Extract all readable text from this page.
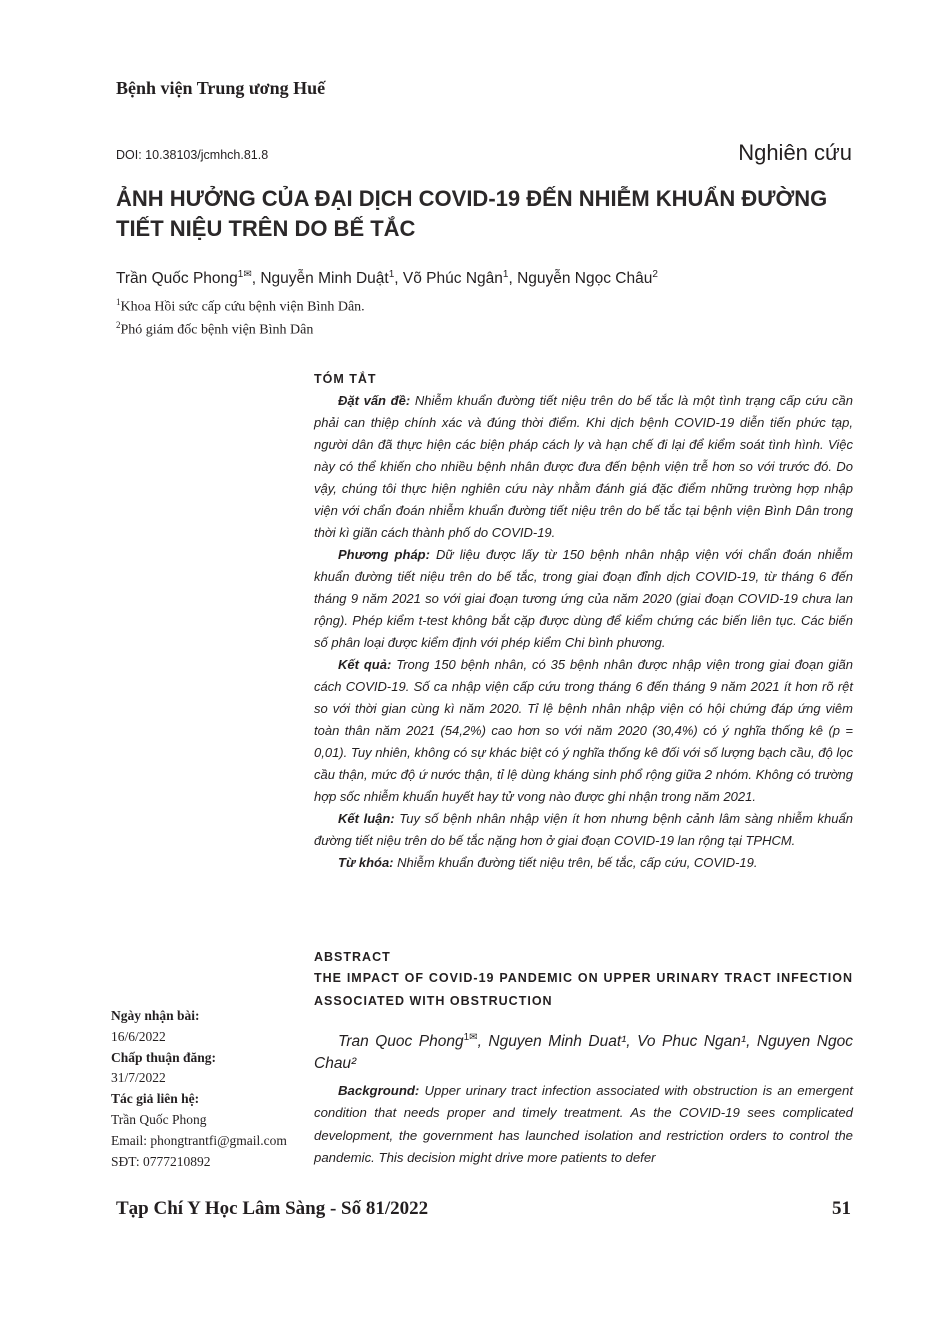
Bệnh viện Trung ương Huế
DOI: 10.38103/jcmhch.81.8	Nghiên cứu
ẢNH HƯỞNG CỦA ĐẠI DỊCH COVID-19 ĐẾN NHIỄM KHUẨN ĐƯỜNG TIẾT NIỆU TRÊN DO BẾ TẮC
Trần Quốc Phong$^{1✉}$, Nguyễn Minh Duật$^1$, Võ Phúc Ngân$^1$, Nguyễn Ngọc Châu$^2$
$^1$Khoa Hồi sức cấp cứu bệnh viện Bình Dân.
$^2$Phó giám đốc bệnh viện Bình Dân
TÓM TẮT

Đặt vấn đề: Nhiễm khuẩn đường tiết niệu trên do bế tắc là một tình trạng cấp cứu cần phải can thiệp chính xác và đúng thời điểm. Khi dịch bệnh COVID-19 diễn tiến phức tạp, người dân đã thực hiện các biện pháp cách ly và hạn chế đi lại để kiểm soát tình hình. Việc này có thể khiến cho nhiều bệnh nhân được đưa đến bệnh viện trễ hơn so với trước đó. Do vậy, chúng tôi thực hiện nghiên cứu này nhằm đánh giá đặc điểm những trường hợp nhập viện với chẩn đoán nhiễm khuẩn đường tiết niệu trên do bế tắc tại bệnh viện Bình Dân trong thời kì giãn cách thành phố do COVID-19.

Phương pháp: Dữ liệu được lấy từ 150 bệnh nhân nhập viện với chẩn đoán nhiễm khuẩn đường tiết niệu trên do bế tắc, trong giai đoạn đỉnh dịch COVID-19, từ tháng 6 đến tháng 9 năm 2021 so với giai đoạn tương ứng của năm 2020 (giai đoạn COVID-19 chưa lan rộng). Phép kiểm t-test không bắt cặp được dùng để kiểm chứng các biến liên tục. Các biến số phân loại được kiểm định với phép kiểm Chi bình phương.

Kết quả: Trong 150 bệnh nhân, có 35 bệnh nhân được nhập viện trong giai đoạn giãn cách COVID-19. Số ca nhập viện cấp cứu trong tháng 6 đến tháng 9 năm 2021 ít hơn rõ rệt so với thời gian cùng kì năm 2020. Tỉ lệ bệnh nhân nhập viện có hội chứng đáp ứng viêm toàn thân năm 2021 (54,2%) cao hơn so với năm 2020 (30,4%) có ý nghĩa thống kê (p = 0,01). Tuy nhiên, không có sự khác biệt có ý nghĩa thống kê đối với số lượng bạch cầu, độ lọc cầu thận, mức độ ứ nước thận, tỉ lệ dùng kháng sinh phổ rộng giữa 2 nhóm. Không có trường hợp sốc nhiễm khuẩn huyết hay tử vong nào được ghi nhận trong năm 2021.

Kết luận: Tuy số bệnh nhân nhập viện ít hơn nhưng bệnh cảnh lâm sàng nhiễm khuẩn đường tiết niệu trên do bế tắc nặng hơn ở giai đoạn COVID-19 lan rộng tại TPHCM.

Từ khóa: Nhiễm khuẩn đường tiết niệu trên, bế tắc, cấp cứu, COVID-19.

ABSTRACT
THE IMPACT OF COVID-19 PANDEMIC ON UPPER URINARY TRACT INFECTION ASSOCIATED WITH OBSTRUCTION

Tran Quoc Phong$^{1✉}$, Nguyen Minh Duat¹, Vo Phuc Ngan¹, Nguyen Ngoc Chau²

Background: Upper urinary tract infection associated with obstruction is an emergent condition that needs proper and timely treatment. As the COVID-19 sees complicated development, the government has launched isolation and restriction orders to control the pandemic. This decision might drive more patients to defer

Ngày nhận bài:
16/6/2022
Chấp thuận đăng:
31/7/2022
Tác giả liên hệ:
Trần Quốc Phong
Email: phongtrantfi@gmail.com
SĐT: 0777210892
Tạp Chí Y Học Lâm Sàng - Số 81/2022	51
